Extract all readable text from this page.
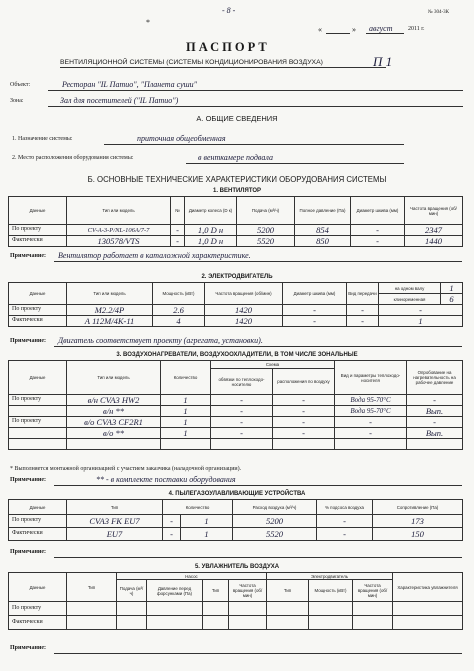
- 8 -	№ 304-3К
*
«	» август	2011 г.
ПАСПОРТ
ВЕНТИЛЯЦИОННОЙ СИСТЕМЫ (СИСТЕМЫ КОНДИЦИОНИРОВАНИЯ ВОЗДУХА)	П 1
Объект:	Ресторан "IL Патио", "Планета суши"
Зона:	Зал для посетителей ("IL Патио")
А. ОБЩИЕ СВЕДЕНИЯ
1. Назначение системы:	приточная общеобменная
2. Место расположения оборудования системы:	в венткамере подвала
Б. ОСНОВНЫЕ ТЕХНИЧЕСКИЕ ХАРАКТЕРИСТИКИ ОБОРУДОВАНИЯ СИСТЕМЫ
1. ВЕНТИЛЯТОР
Данные	Тип или модель	№	Диаметр колеса (D к)	Подача (м³/ч)	Полное давление (Па)	Диаметр шкива (мм)	Частота вращения (об/мин)
По проекту	CV-A-3-P/NL-106A/7-7	-	1,0 D н	5200	854	-	2347
Фактически	130578/VTS	-	1,0 D н	5520	850	-	1440
Примечание: Вентилятор работает в каталожной характеристике.
2. ЭЛЕКТРОДВИГАТЕЛЬ
Данные	Тип или модель	Мощность (кВт)	Частота вращения (об/мин)	Диаметр шкива (мм)	Вид передачи	на одном валу	1
						клиноременная	6
По проекту	M2.2/4P	2.6	1420	-	-	-	
Фактически	А 112М/4К-11	4	1420	-	-	1	
Примечание: Двигатель соответствует проекту (агрегата, установки).
3. ВОЗДУХОНАГРЕВАТЕЛИ, ВОЗДУХООХЛАДИТЕЛИ, В ТОМ ЧИСЛЕ ЗОНАЛЬНЫЕ
Данные	Тип или модель	Количество	Схема		Вид и параметры теплоходо-носителя	Опробование на нагревательность на рабочее давление
			обвязки по теплоходо-носителю	расположения по воздуху		
По проекту	в/н CVA3 HW2	1	-	-	Вода 95-70°С	-
	в/н **	1	-	-	Вода 95-70°С	Вып.
По проекту	в/о CVA3 CF2R1	1	-	-	-	-
	в/о **	1	-	-	-	Вып.

* Выполняется монтажной организацией с участием заказчика (наладочной организации).
Примечание:	** - в комплекте поставки оборудования
4. ПЫЛЕГАЗОУЛАВЛИВАЮЩИЕ УСТРОЙСТВА
Данные	Тип	Количество		Расход воздуха (м³/ч)	% подсоса воздуха	Сопротивление (Па)
По проекту	CVA3 FK EU7	-	1	5200	-	173
Фактически	EU7	-	1	5520	-	150
Примечание:
5. УВЛАЖНИТЕЛЬ ВОЗДУХА
Данные	Тип	Насос				Электродвигатель			Характеристика увлажнителя
		Подача (м³/ч)	Давление перед форсунками (Па)	Тип	Частота вращения (об/мин)	Тип	Мощность (кВт)	Частота вращения (об/мин)	
По проекту									
Фактически									
Примечание:
